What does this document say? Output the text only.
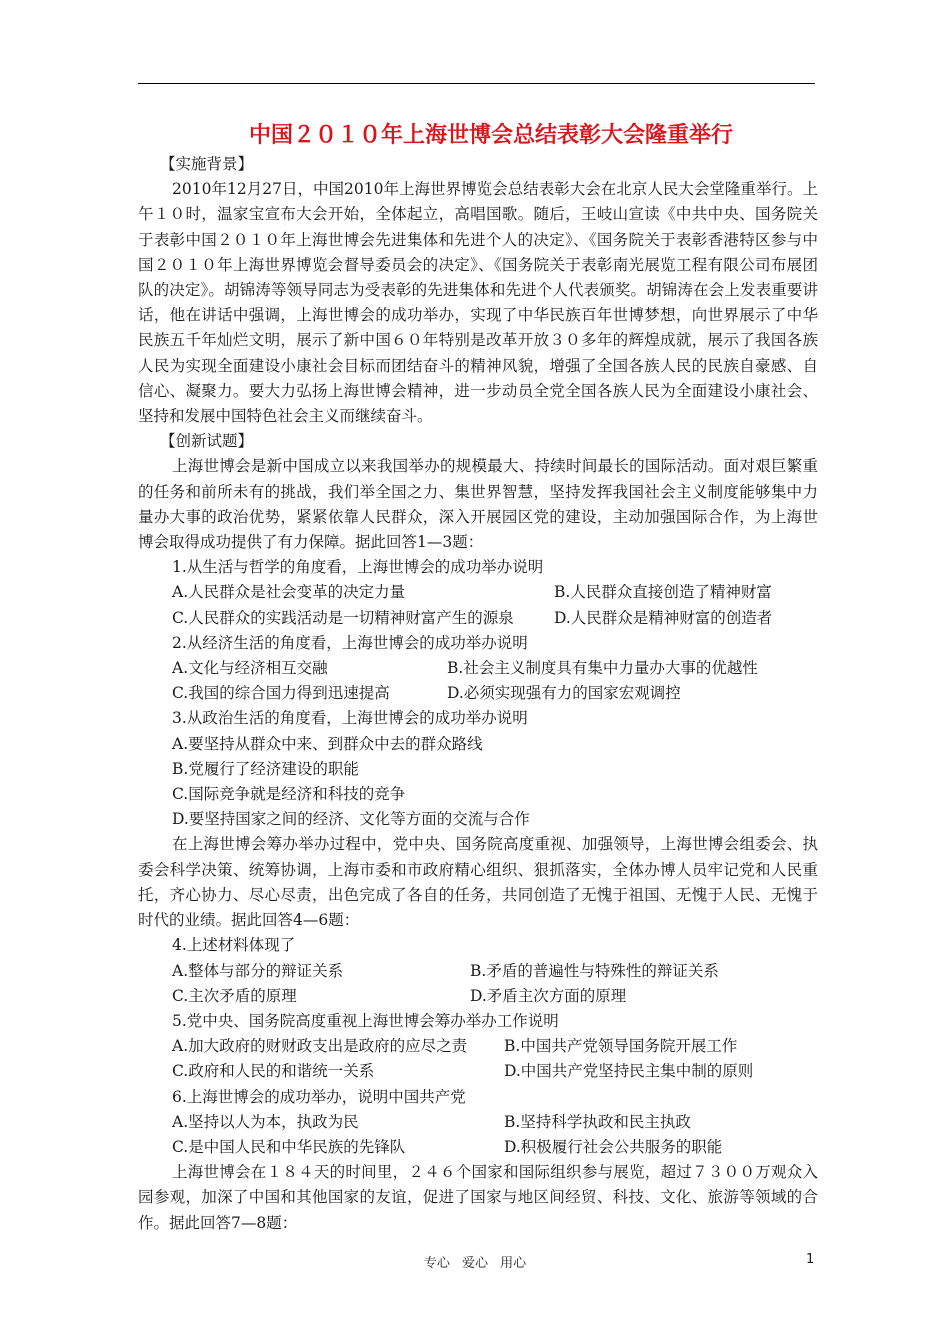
中国２０１０年上海世博会总结表彰大会隆重举行

【实施背景】

2010年12月27日，中国2010年上海世界博览会总结表彰大会在北京人民大会堂隆重举行。上午１０时，温家宝宣布大会开始，全体起立，高唱国歌。随后，王岐山宣读《中共中央、国务院关于表彰中国２０１０年上海世博会先进集体和先进个人的决定》、《国务院关于表彰香港特区参与中国２０１０年上海世界博览会督导委员会的决定》、《国务院关于表彰南光展览工程有限公司布展团队的决定》。胡锦涛等领导同志为受表彰的先进集体和先进个人代表颁奖。胡锦涛在会上发表重要讲话，他在讲话中强调，上海世博会的成功举办，实现了中华民族百年世博梦想，向世界展示了中华民族五千年灿烂文明，展示了新中国６０年特别是改革开放３０多年的辉煌成就，展示了我国各族人民为实现全面建设小康社会目标而团结奋斗的精神风貌，增强了全国各族人民的民族自豪感、自信心、凝聚力。要大力弘扬上海世博会精神，进一步动员全党全国各族人民为全面建设小康社会、坚持和发展中国特色社会主义而继续奋斗。

【创新试题】

上海世博会是新中国成立以来我国举办的规模最大、持续时间最长的国际活动。面对艰巨繁重的任务和前所未有的挑战，我们举全国之力、集世界智慧，坚持发挥我国社会主义制度能够集中力量办大事的政治优势，紧紧依靠人民群众，深入开展园区党的建设，主动加强国际合作，为上海世博会取得成功提供了有力保障。据此回答1—3题：

1.从生活与哲学的角度看，上海世博会的成功举办说明

A.人民群众是社会变革的决定力量	B.人民群众直接创造了精神财富
C.人民群众的实践活动是一切精神财富产生的源泉	D.人民群众是精神财富的创造者

2.从经济生活的角度看，上海世博会的成功举办说明

A.文化与经济相互交融	B.社会主义制度具有集中力量办大事的优越性
C.我国的综合国力得到迅速提高	D.必须实现强有力的国家宏观调控

3.从政治生活的角度看，上海世博会的成功举办说明

A.要坚持从群众中来、到群众中去的群众路线

B.党履行了经济建设的职能

C.国际竞争就是经济和科技的竞争

D.要坚持国家之间的经济、文化等方面的交流与合作

在上海世博会筹办举办过程中，党中央、国务院高度重视、加强领导，上海世博会组委会、执委会科学决策、统筹协调，上海市委和市政府精心组织、狠抓落实，全体办博人员牢记党和人民重托，齐心协力、尽心尽责，出色完成了各自的任务，共同创造了无愧于祖国、无愧于人民、无愧于时代的业绩。据此回答4—6题：

4.上述材料体现了

A.整体与部分的辩证关系	B.矛盾的普遍性与特殊性的辩证关系
C.主次矛盾的原理	D.矛盾主次方面的原理

5.党中央、国务院高度重视上海世博会筹办举办工作说明

A.加大政府的财财政支出是政府的应尽之责	B.中国共产党领导国务院开展工作
C.政府和人民的和谐统一关系	D.中国共产党坚持民主集中制的原则

6.上海世博会的成功举办，说明中国共产党

A.坚持以人为本，执政为民	B.坚持科学执政和民主执政
C.是中国人民和中华民族的先锋队	D.积极履行社会公共服务的职能

上海世博会在１８４天的时间里，２４６个国家和国际组织参与展览，超过７３００万观众入园参观，加深了中国和其他国家的友谊，促进了国家与地区间经贸、科技、文化、旅游等领域的合作。据此回答7—8题：

专心 爱心 用心	1
